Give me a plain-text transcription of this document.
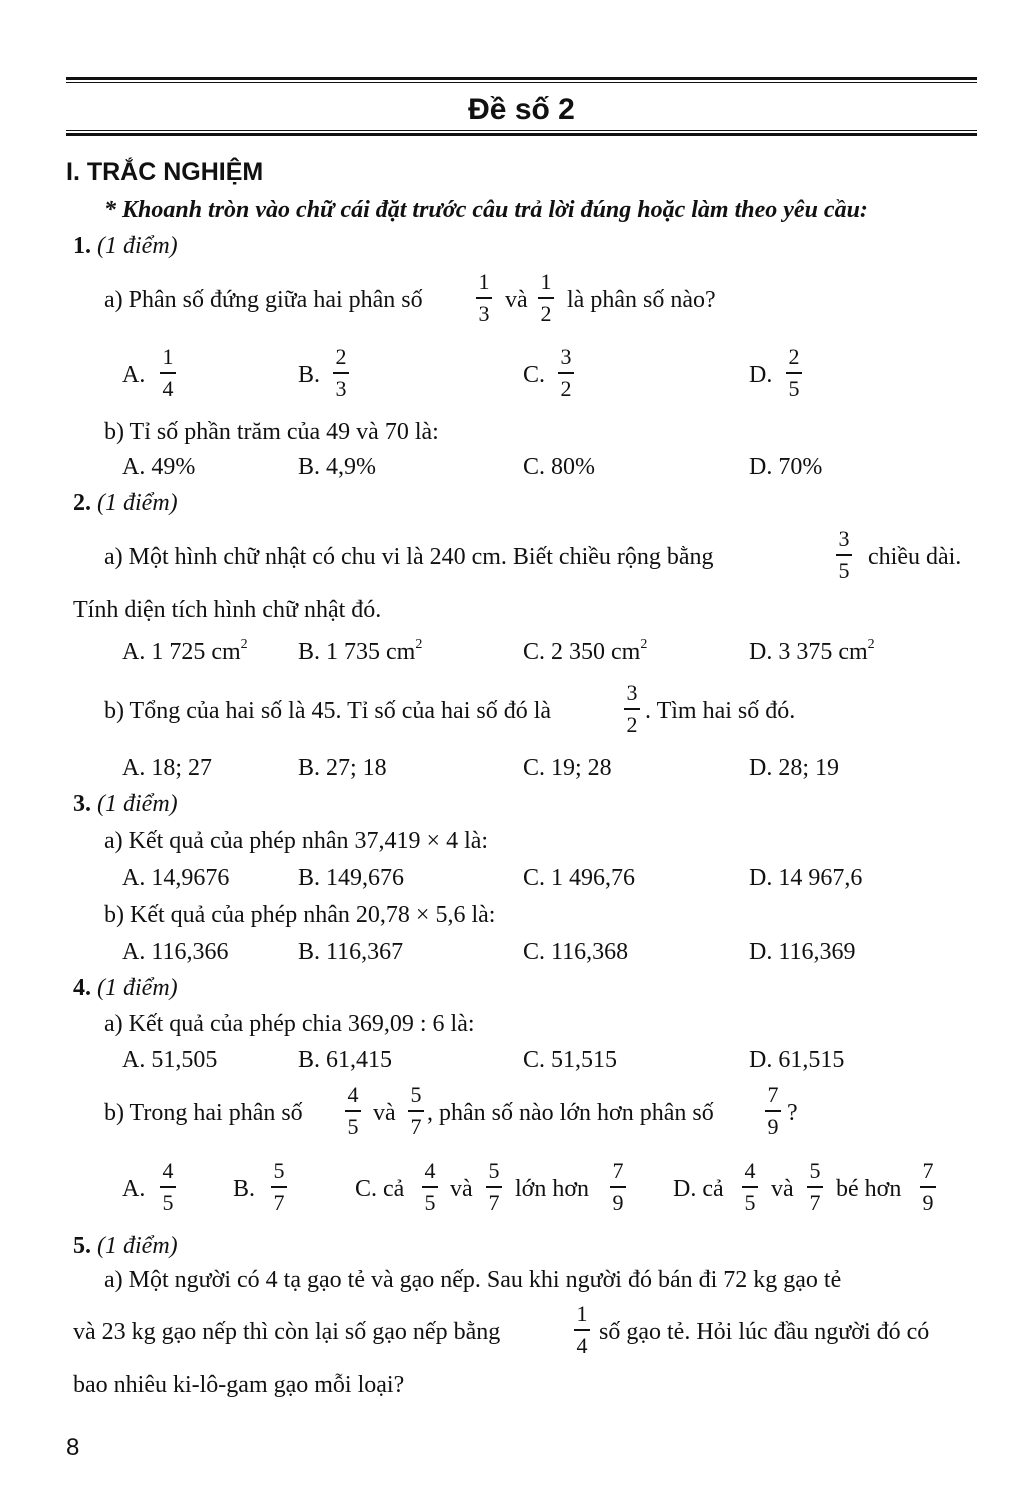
Đề số 2
I. TRẮC NGHIỆM
* Khoanh tròn vào chữ cái đặt trước câu trả lời đúng hoặc làm theo yêu cầu:
1. (1 điểm)
a) Phân số đứng giữa hai phân số
1
3 và
1
2 là phân số nào?
A.
1
4	B.
2
3	C.
3
2	D.
2
5
b) Tỉ số phần trăm của 49 và 70 là:
A. 49%	B. 4,9%	C. 80%	D. 70%
2. (1 điểm)
a) Một hình chữ nhật có chu vi là 240 cm. Biết chiều rộng bằng
3
5 chiều dài.
Tính diện tích hình chữ nhật đó.
A. 1 725 $cm^2$ B. 1 735 $cm^2$	C. 2 350 $cm^2$	D. 3 375 $cm^2$
b) Tổng của hai số là 45. Tỉ số của hai số đó là
3
2 . Tìm hai số đó.
A. 18; 27	B. 27; 18	C. 19; 28	D. 28; 19
3. (1 điểm)
a) Kết quả của phép nhân 37,419 × 4 là:
A. 14,9676	B. 149,676	C. 1 496,76	D. 14 967,6
b) Kết quả của phép nhân 20,78 × 5,6 là:
A. 116,366	B. 116,367	C. 116,368	D. 116,369
4. (1 điểm)
a) Kết quả của phép chia 369,09 : 6 là:
A. 51,505	B. 61,415	C. 51,515	D. 61,515
b) Trong hai phân số
4
5 và
5
7 , phân số nào lớn hơn phân số
7
9 ?
A.
4
5 B.
5
7	C. cả
4
5 và
5
7 lớn hơn
7
9 D. cả
4
5 và
5
7 bé hơn
7
9
5. (1 điểm)
a) Một người có 4 tạ gạo tẻ và gạo nếp. Sau khi người đó bán đi 72 kg gạo tẻ
và 23 kg gạo nếp thì còn lại số gạo nếp bằng
1
4 số gạo tẻ. Hỏi lúc đầu người đó có
bao nhiêu ki-lô-gam gạo mỗi loại?
8
